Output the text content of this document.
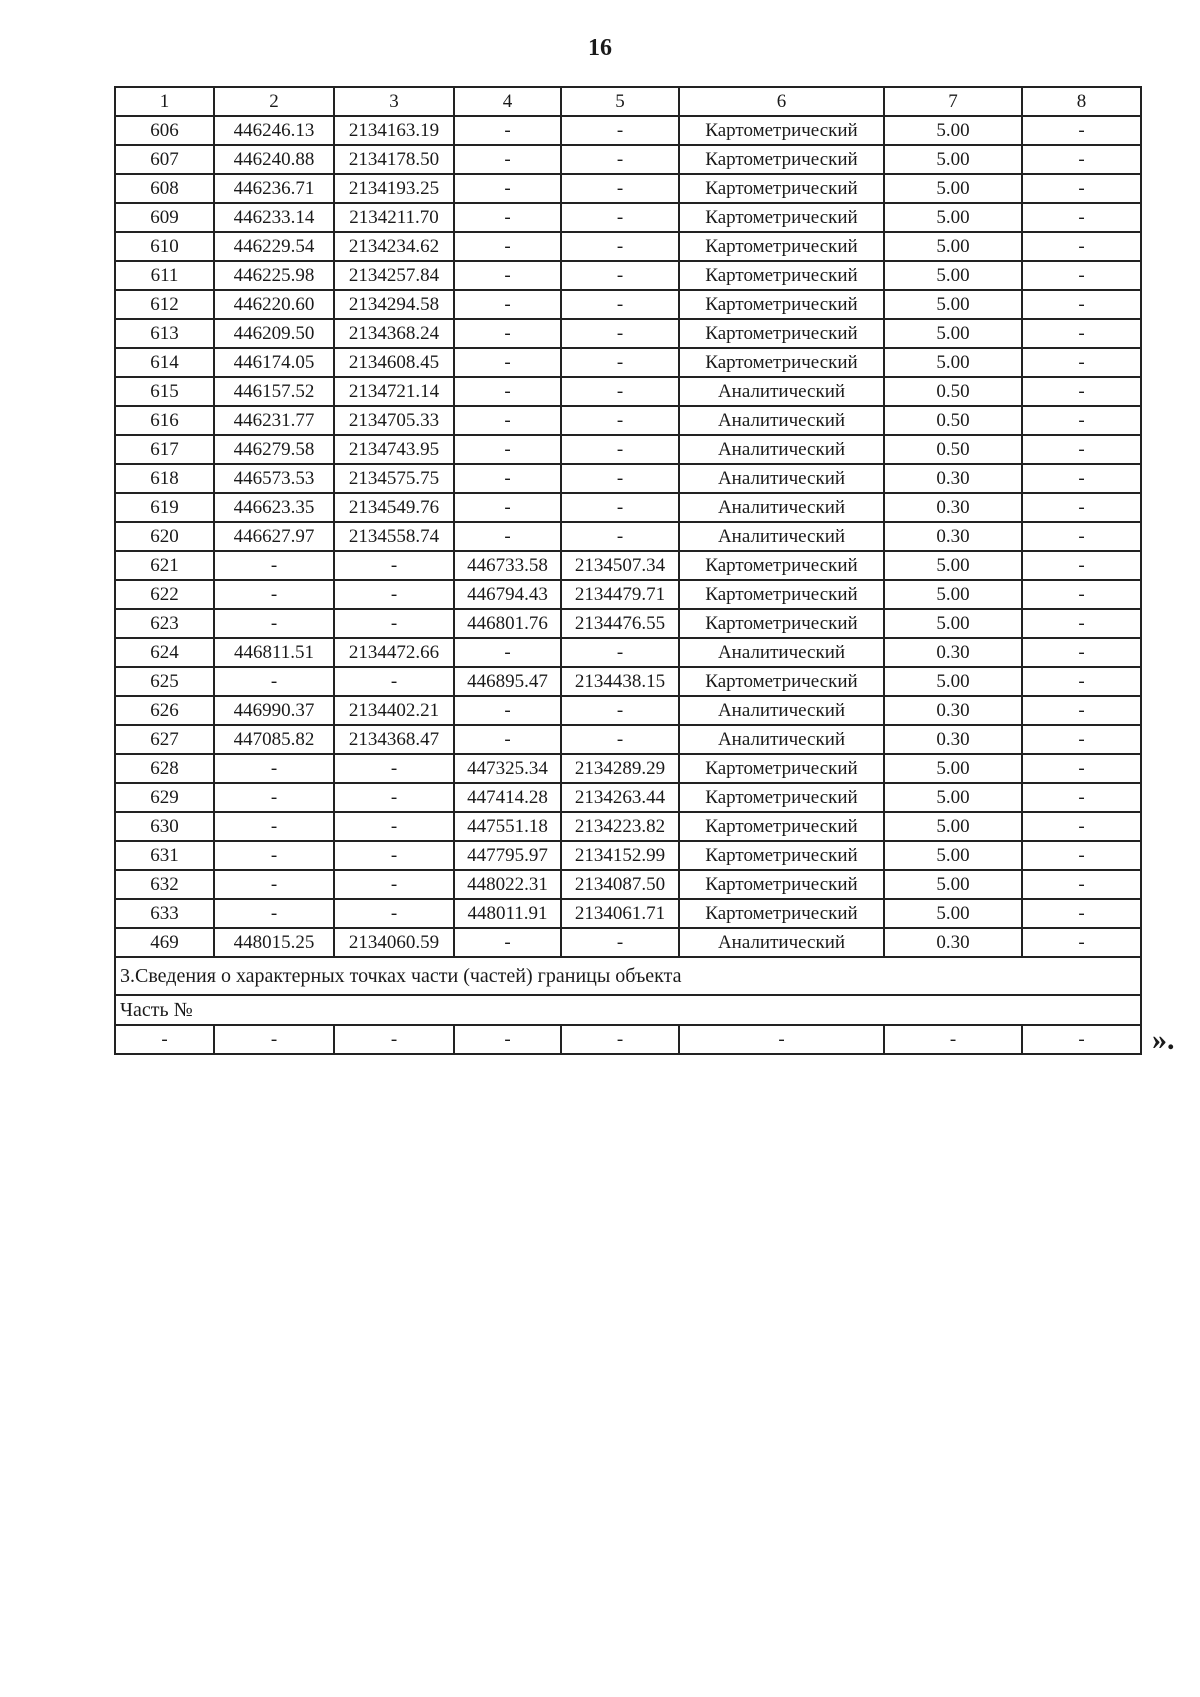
16
1	2	3	4	5	6	7	8
606	446246.13	2134163.19	-	-	Картометрический	5.00	-
607	446240.88	2134178.50	-	-	Картометрический	5.00	-
608	446236.71	2134193.25	-	-	Картометрический	5.00	-
609	446233.14	2134211.70	-	-	Картометрический	5.00	-
610	446229.54	2134234.62	-	-	Картометрический	5.00	-
611	446225.98	2134257.84	-	-	Картометрический	5.00	-
612	446220.60	2134294.58	-	-	Картометрический	5.00	-
613	446209.50	2134368.24	-	-	Картометрический	5.00	-
614	446174.05	2134608.45	-	-	Картометрический	5.00	-
615	446157.52	2134721.14	-	-	Аналитический	0.50	-
616	446231.77	2134705.33	-	-	Аналитический	0.50	-
617	446279.58	2134743.95	-	-	Аналитический	0.50	-
618	446573.53	2134575.75	-	-	Аналитический	0.30	-
619	446623.35	2134549.76	-	-	Аналитический	0.30	-
620	446627.97	2134558.74	-	-	Аналитический	0.30	-
621	-	-	446733.58	2134507.34	Картометрический	5.00	-
622	-	-	446794.43	2134479.71	Картометрический	5.00	-
623	-	-	446801.76	2134476.55	Картометрический	5.00	-
624	446811.51	2134472.66	-	-	Аналитический	0.30	-
625	-	-	446895.47	2134438.15	Картометрический	5.00	-
626	446990.37	2134402.21	-	-	Аналитический	0.30	-
627	447085.82	2134368.47	-	-	Аналитический	0.30	-
628	-	-	447325.34	2134289.29	Картометрический	5.00	-
629	-	-	447414.28	2134263.44	Картометрический	5.00	-
630	-	-	447551.18	2134223.82	Картометрический	5.00	-
631	-	-	447795.97	2134152.99	Картометрический	5.00	-
632	-	-	448022.31	2134087.50	Картометрический	5.00	-
633	-	-	448011.91	2134061.71	Картометрический	5.00	-
469	448015.25	2134060.59	-	-	Аналитический	0.30	-
3.Сведения о характерных точках части (частей) границы объекта							
Часть №							
-	-	-	-	-	-	-	- ».
